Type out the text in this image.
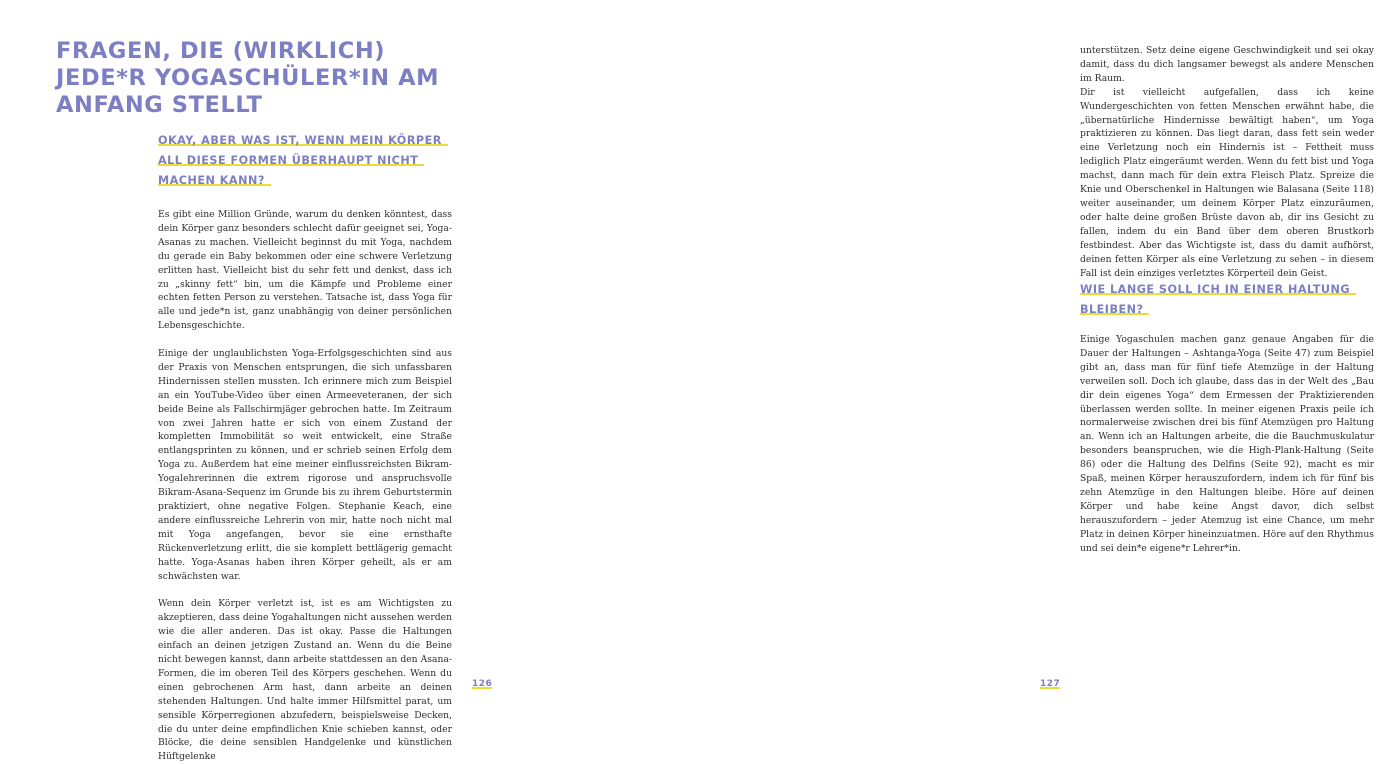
FRAGEN, DIE (WIRKLICH) JEDE*R YOGASCHÜLER*IN AM ANFANG STELLT
OKAY, ABER WAS IST, WENN MEIN KÖRPER ALL DIESE FORMEN ÜBERHAUPT NICHT MACHEN KANN?

Es gibt eine Million Gründe, warum du denken könntest, dass dein Körper ganz besonders schlecht dafür geeignet sei, Yoga-Asanas zu machen. Vielleicht beginnst du mit Yoga, nachdem du gerade ein Baby bekommen oder eine schwere Verletzung erlitten hast. Vielleicht bist du sehr fett und denkst, dass ich zu „skinny fett“ bin, um die Kämpfe und Probleme einer echten fetten Person zu verstehen. Tatsache ist, dass Yoga für alle und jede*n ist, ganz unabhängig von deiner persönlichen Lebensgeschichte.

Einige der unglaublichsten Yoga-Erfolgsgeschichten sind aus der Praxis von Menschen entsprungen, die sich unfassbaren Hindernissen stellen mussten. Ich erinnere mich zum Beispiel an ein YouTube-Video über einen Armeeveteranen, der sich beide Beine als Fallschirmjäger gebrochen hatte. Im Zeitraum von zwei Jahren hatte er sich von einem Zustand der kompletten Immobilität so weit entwickelt, eine Straße entlangsprinten zu können, und er schrieb seinen Erfolg dem Yoga zu. Außerdem hat eine meiner einflussreichsten Bikram-Yogalehrerinnen die extrem rigorose und anspruchsvolle Bikram-Asana-Sequenz im Grunde bis zu ihrem Geburtstermin praktiziert, ohne negative Folgen. Stephanie Keach, eine andere einflussreiche Lehrerin von mir, hatte noch nicht mal mit Yoga angefangen, bevor sie eine ernsthafte Rückenverletzung erlitt, die sie komplett bettlägerig gemacht hatte. Yoga-Asanas haben ihren Körper geheilt, als er am schwächsten war.

Wenn dein Körper verletzt ist, ist es am Wichtigsten zu akzeptieren, dass deine Yogahaltungen nicht aussehen werden wie die aller anderen. Das ist okay. Passe die Haltungen einfach an deinen jetzigen Zustand an. Wenn du die Beine nicht bewegen kannst, dann arbeite stattdessen an den Asana-Formen, die im oberen Teil des Körpers geschehen. Wenn du einen gebrochenen Arm hast, dann arbeite an deinen stehenden Haltungen. Und halte immer Hilfsmittel parat, um sensible Körperregionen abzufedern, beispielsweise Decken, die du unter deine empfindlichen Knie schieben kannst, oder Blöcke, die deine sensiblen Handgelenke und künstlichen Hüftgelenke

126

unterstützen. Setz deine eigene Geschwindigkeit und sei okay damit, dass du dich langsamer bewegst als andere Menschen im Raum.

Dir ist vielleicht aufgefallen, dass ich keine Wundergeschichten von fetten Menschen erwähnt habe, die „übernatürliche Hindernisse bewältigt haben“, um Yoga praktizieren zu können. Das liegt daran, dass fett sein weder eine Verletzung noch ein Hindernis ist – Fettheit muss lediglich Platz eingeräumt werden. Wenn du fett bist und Yoga machst, dann mach für dein extra Fleisch Platz. Spreize die Knie und Oberschenkel in Haltungen wie Balasana (Seite 118) weiter auseinander, um deinem Körper Platz einzuräumen, oder halte deine großen Brüste davon ab, dir ins Gesicht zu fallen, indem du ein Band über dem oberen Brustkorb festbindest. Aber das Wichtigste ist, dass du damit aufhörst, deinen fetten Körper als eine Verletzung zu sehen – in diesem Fall ist dein einziges verletztes Körperteil dein Geist.

WIE LANGE SOLL ICH IN EINER HALTUNG BLEIBEN?

Einige Yogaschulen machen ganz genaue Angaben für die Dauer der Haltungen – Ashtanga-Yoga (Seite 47) zum Beispiel gibt an, dass man für fünf tiefe Atemzüge in der Haltung verweilen soll. Doch ich glaube, dass das in der Welt des „Bau dir dein eigenes Yoga“ dem Ermessen der Praktizierenden überlassen werden sollte. In meiner eigenen Praxis peile ich normalerweise zwischen drei bis fünf Atemzügen pro Haltung an. Wenn ich an Haltungen arbeite, die die Bauchmuskulatur besonders beanspruchen, wie die High-Plank-Haltung (Seite 86) oder die Haltung des Delfins (Seite 92), macht es mir Spaß, meinen Körper herauszufordern, indem ich für fünf bis zehn Atemzüge in den Haltungen bleibe. Höre auf deinen Körper und habe keine Angst davor, dich selbst herauszufordern – jeder Atemzug ist eine Chance, um mehr Platz in deinen Körper hineinzuatmen. Höre auf den Rhythmus und sei dein*e eigene*r Lehrer*in.

127
